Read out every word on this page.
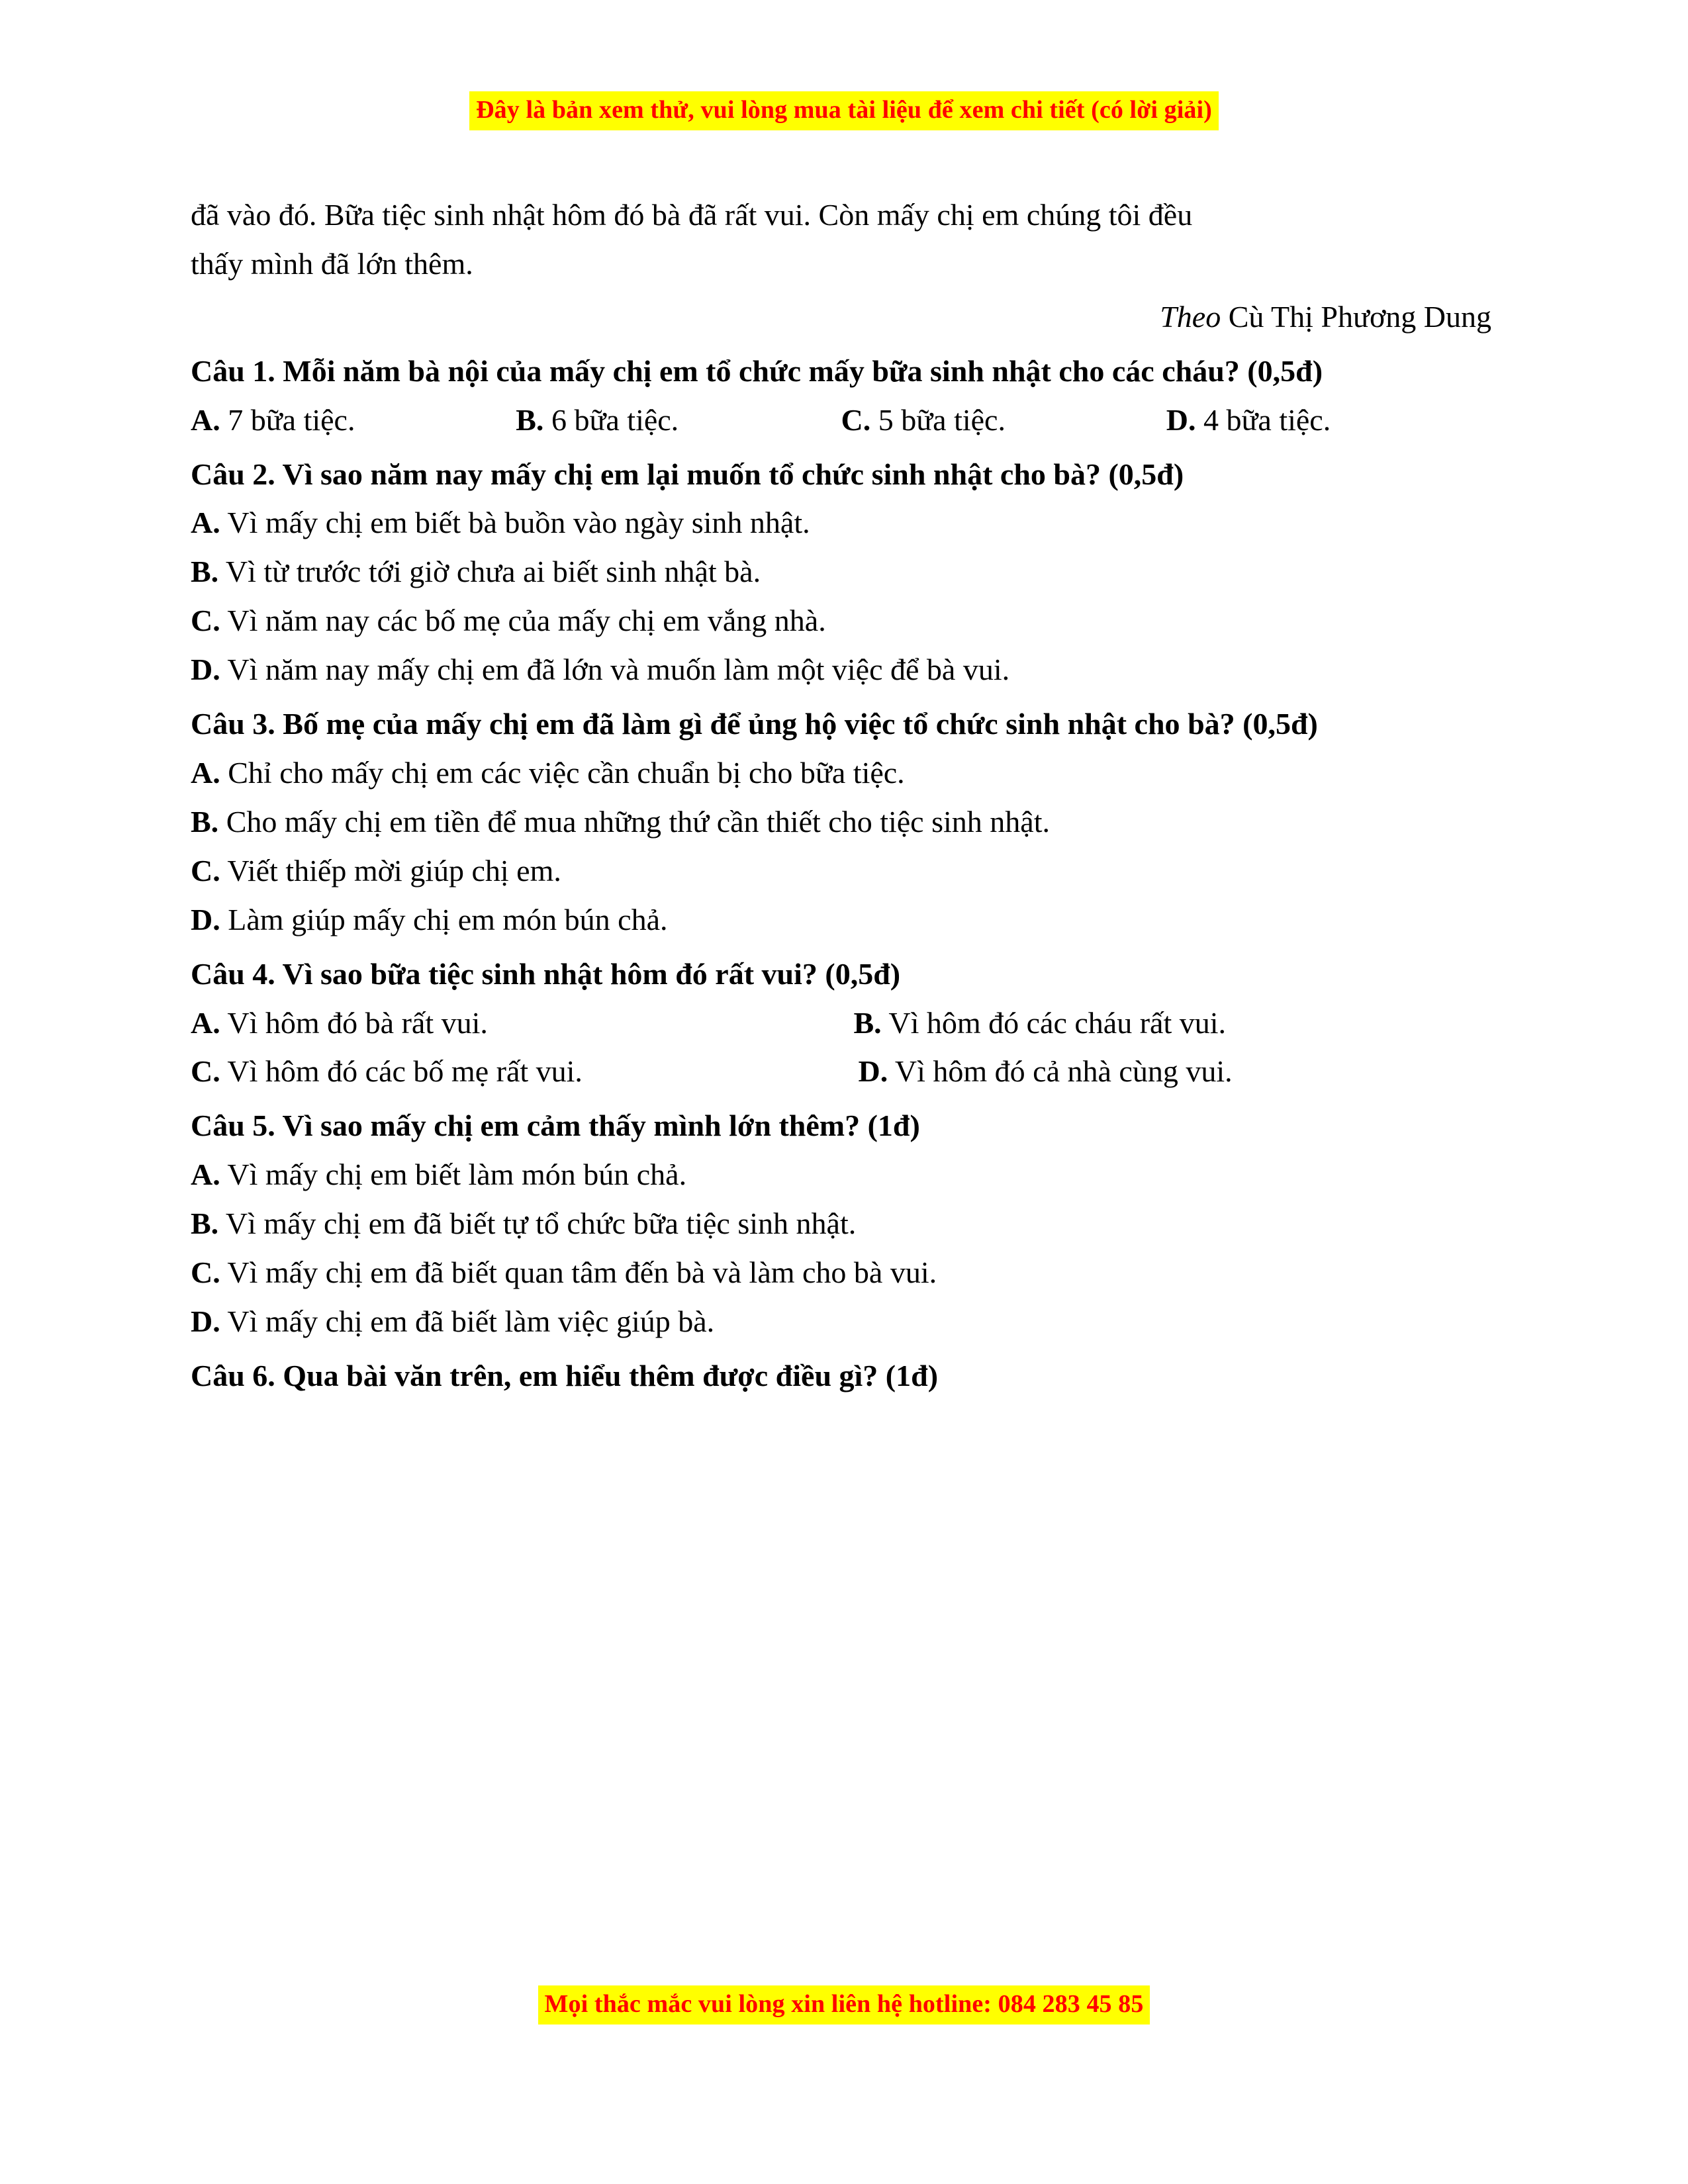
Đây là bản xem thử, vui lòng mua tài liệu để xem chi tiết (có lời giải)

đã vào đó. Bữa tiệc sinh nhật hôm đó bà đã rất vui. Còn mấy chị em chúng tôi đều

thấy mình đã lớn thêm.

Theo Cù Thị Phương Dung

Câu 1. Mỗi năm bà nội của mấy chị em tổ chức mấy bữa sinh nhật cho các cháu? (0,5đ)

A. 7 bữa tiệc.	B. 6 bữa tiệc.	C. 5 bữa tiệc.	D. 4 bữa tiệc.

Câu 2. Vì sao năm nay mấy chị em lại muốn tổ chức sinh nhật cho bà? (0,5đ)

A. Vì mấy chị em biết bà buồn vào ngày sinh nhật.

B. Vì từ trước tới giờ chưa ai biết sinh nhật bà.

C. Vì năm nay các bố mẹ của mấy chị em vắng nhà.

D. Vì năm nay mấy chị em đã lớn và muốn làm một việc để bà vui.

Câu 3. Bố mẹ của mấy chị em đã làm gì để ủng hộ việc tổ chức sinh nhật cho bà? (0,5đ)

A. Chỉ cho mấy chị em các việc cần chuẩn bị cho bữa tiệc.

B. Cho mấy chị em tiền để mua những thứ cần thiết cho tiệc sinh nhật.

C. Viết thiếp mời giúp chị em.

D. Làm giúp mấy chị em món bún chả.

Câu 4. Vì sao bữa tiệc sinh nhật hôm đó rất vui? (0,5đ)

A. Vì hôm đó bà rất vui.	B. Vì hôm đó các cháu rất vui.
C. Vì hôm đó các bố mẹ rất vui.	D. Vì hôm đó cả nhà cùng vui.

Câu 5. Vì sao mấy chị em cảm thấy mình lớn thêm? (1đ)

A. Vì mấy chị em biết làm món bún chả.

B. Vì mấy chị em đã biết tự tổ chức bữa tiệc sinh nhật.

C. Vì mấy chị em đã biết quan tâm đến bà và làm cho bà vui.

D. Vì mấy chị em đã biết làm việc giúp bà.

Câu 6. Qua bài văn trên, em hiểu thêm được điều gì? (1đ)

Mọi thắc mắc vui lòng xin liên hệ hotline: 084 283 45 85
